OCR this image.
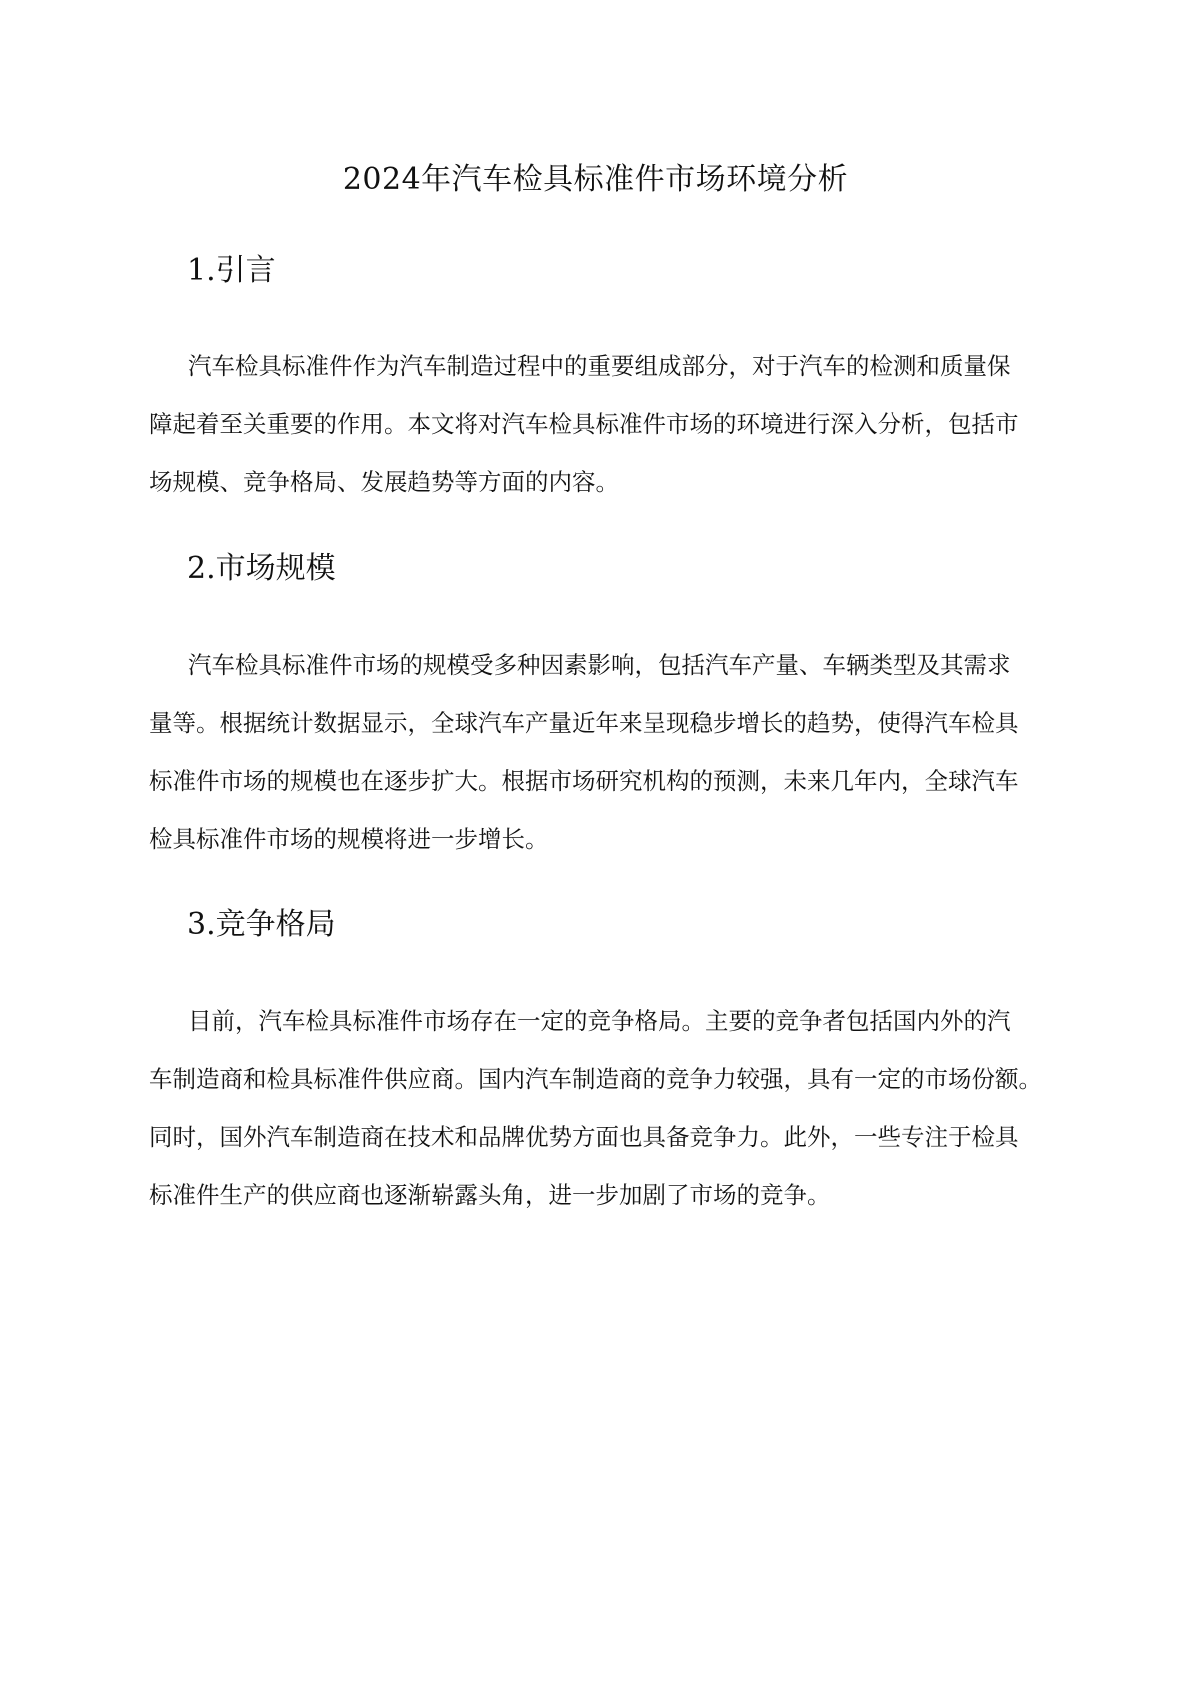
2024年汽车检具标准件市场环境分析
1.引言
汽车检具标准件作为汽车制造过程中的重要组成部分，对于汽车的检测和质量保
障起着至关重要的作用。本文将对汽车检具标准件市场的环境进行深入分析，包括市
场规模、竞争格局、发展趋势等方面的内容。
2.市场规模
汽车检具标准件市场的规模受多种因素影响，包括汽车产量、车辆类型及其需求
量等。根据统计数据显示，全球汽车产量近年来呈现稳步增长的趋势，使得汽车检具
标准件市场的规模也在逐步扩大。根据市场研究机构的预测，未来几年内，全球汽车
检具标准件市场的规模将进一步增长。
3.竞争格局
目前，汽车检具标准件市场存在一定的竞争格局。主要的竞争者包括国内外的汽
车制造商和检具标准件供应商。国内汽车制造商的竞争力较强，具有一定的市场份额。
同时，国外汽车制造商在技术和品牌优势方面也具备竞争力。此外，一些专注于检具
标准件生产的供应商也逐渐崭露头角，进一步加剧了市场的竞争。
